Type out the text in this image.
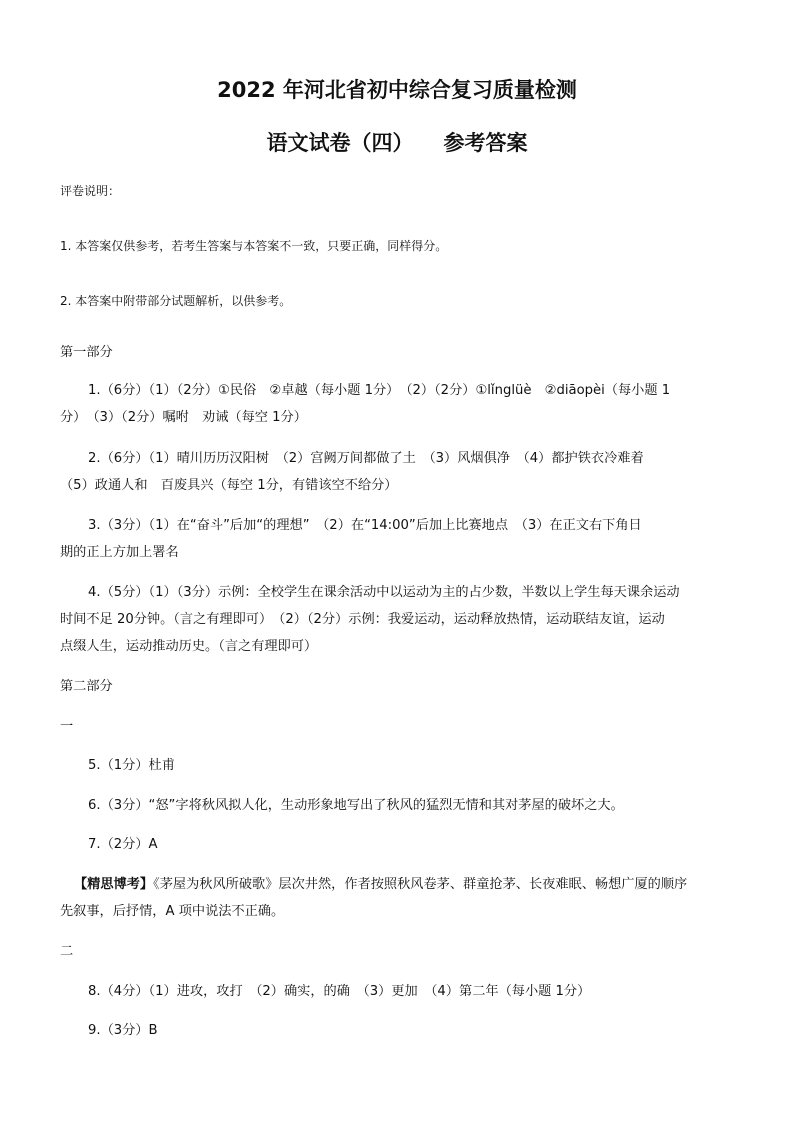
2022 年河北省初中综合复习质量检测
语文试卷（四） 参考答案
评卷说明：
1. 本答案仅供参考，若考生答案与本答案不一致，只要正确，同样得分。
2. 本答案中附带部分试题解析，以供参考。
第一部分
1.（6分）（1）（2分）①民俗　②卓越（每小题 1分）　（2）（2分）①lǐnglüè　②diāopèi（每小题 1
分）　（3）（2分）嘱咐　劝诫（每空 1分）
2.（6分）（1）晴川历历汉阳树　（2）宫阙万间都做了土　（3）风烟俱净　（4）都护铁衣冷难着
（5）政通人和　百废具兴（每空 1分，有错该空不给分）
3.（3分）（1）在“奋斗”后加“的理想”　（2）在“14:00”后加上比赛地点　（3）在正文右下角日
期的正上方加上署名
4.（5分）（1）（3分）示例：全校学生在课余活动中以运动为主的占少数，半数以上学生每天课余运动
时间不足 20分钟。（言之有理即可）　（2）（2分）示例：我爱运动，运动释放热情，运动联结友谊，运动
点缀人生，运动推动历史。（言之有理即可）
第二部分
一
5.（1分）杜甫
6.（3分）“怒”字将秋风拟人化，生动形象地写出了秋风的猛烈无情和其对茅屋的破坏之大。
7.（2分）A
【精思博考】《茅屋为秋风所破歌》层次井然，作者按照秋风卷茅、群童抢茅、长夜难眠、畅想广厦的顺序
先叙事，后抒情，A 项中说法不正确。
二
8.（4分）（1）进攻，攻打　（2）确实，的确　（3）更加　（4）第二年（每小题 1分）
9.（3分）B
